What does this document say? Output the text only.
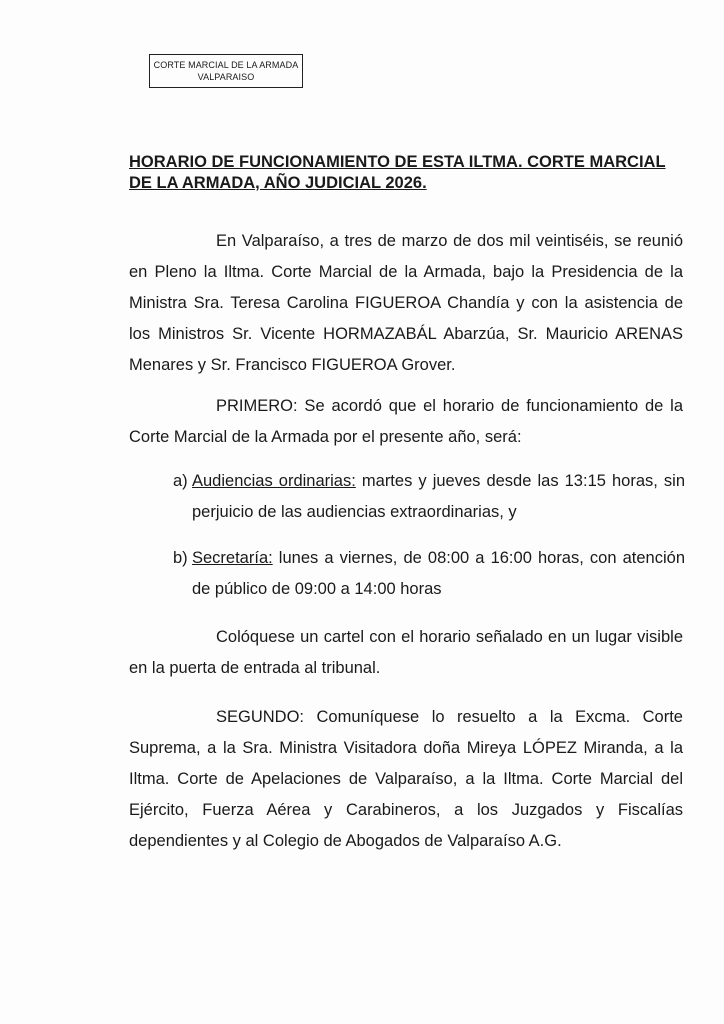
CORTE MARCIAL DE LA ARMADA
VALPARAISO
HORARIO DE FUNCIONAMIENTO DE ESTA ILTMA. CORTE MARCIAL
DE LA ARMADA, AÑO JUDICIAL 2026.
En Valparaíso, a tres de marzo de dos mil veintiséis, se reunió en Pleno la Iltma. Corte Marcial de la Armada, bajo la Presidencia de la Ministra Sra. Teresa Carolina FIGUEROA Chandía y con la asistencia de los Ministros Sr. Vicente HORMAZABÁL Abarzúa, Sr. Mauricio ARENAS Menares y Sr. Francisco FIGUEROA Grover.
PRIMERO: Se acordó que el horario de funcionamiento de la Corte Marcial de la Armada por el presente año, será:
a) Audiencias ordinarias: martes y jueves desde las 13:15 horas, sin perjuicio de las audiencias extraordinarias, y
b) Secretaría: lunes a viernes, de 08:00 a 16:00 horas, con atención de público de 09:00 a 14:00 horas
Colóquese un cartel con el horario señalado en un lugar visible en la puerta de entrada al tribunal.
SEGUNDO: Comuníquese lo resuelto a la Excma. Corte Suprema, a la Sra. Ministra Visitadora doña Mireya LÓPEZ Miranda, a la Iltma. Corte de Apelaciones de Valparaíso, a la Iltma. Corte Marcial del Ejército, Fuerza Aérea y Carabineros, a los Juzgados y Fiscalías dependientes y al Colegio de Abogados de Valparaíso A.G.
